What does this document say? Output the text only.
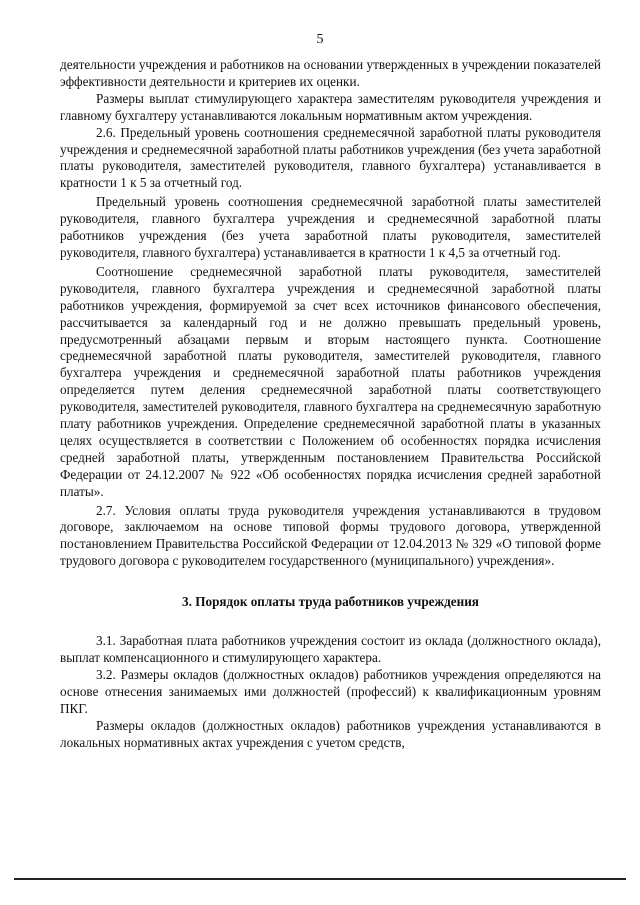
5

деятельности учреждения и работников на основании утвержденных в учреждении показателей эффективности деятельности и критериев их оценки.

Размеры выплат стимулирующего характера заместителям руководителя учреждения и главному бухгалтеру устанавливаются локальным нормативным актом учреждения.

2.6. Предельный уровень соотношения среднемесячной заработной платы руководителя учреждения и среднемесячной заработной платы работников учреждения (без учета заработной платы руководителя, заместителей руководителя, главного бухгалтера) устанавливается в кратности 1 к 5 за отчетный год.

Предельный уровень соотношения среднемесячной заработной платы заместителей руководителя, главного бухгалтера учреждения и среднемесячной заработной платы работников учреждения (без учета заработной платы руководителя, заместителей руководителя, главного бухгалтера) устанавливается в кратности 1 к 4,5 за отчетный год.

Соотношение среднемесячной заработной платы руководителя, заместителей руководителя, главного бухгалтера учреждения и среднемесячной заработной платы работников учреждения, формируемой за счет всех источников финансового обеспечения, рассчитывается за календарный год и не должно превышать предельный уровень, предусмотренный абзацами первым и вторым настоящего пункта. Соотношение среднемесячной заработной платы руководителя, заместителей руководителя, главного бухгалтера учреждения и среднемесячной заработной платы работников учреждения определяется путем деления среднемесячной заработной платы соответствующего руководителя, заместителей руководителя, главного бухгалтера на среднемесячную заработную плату работников учреждения. Определение среднемесячной заработной платы в указанных целях осуществляется в соответствии с Положением об особенностях порядка исчисления средней заработной платы, утвержденным постановлением Правительства Российской Федерации от 24.12.2007 № 922 «Об особенностях порядка исчисления средней заработной платы».

2.7. Условия оплаты труда руководителя учреждения устанавливаются в трудовом договоре, заключаемом на основе типовой формы трудового договора, утвержденной постановлением Правительства Российской Федерации от 12.04.2013 № 329 «О типовой форме трудового договора с руководителем государственного (муниципального) учреждения».

3. Порядок оплаты труда работников учреждения

3.1. Заработная плата работников учреждения состоит из оклада (должностного оклада), выплат компенсационного и стимулирующего характера.

3.2. Размеры окладов (должностных окладов) работников учреждения определяются на основе отнесения занимаемых ими должностей (профессий) к квалификационным уровням ПКГ.

Размеры окладов (должностных окладов) работников учреждения устанавливаются в локальных нормативных актах учреждения с учетом средств,
